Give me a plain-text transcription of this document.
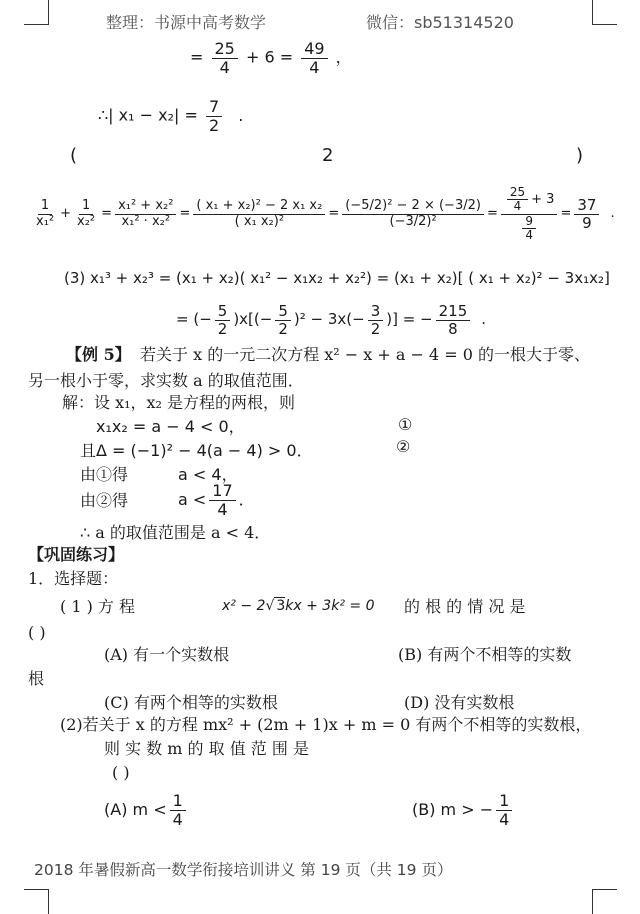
整理：书源中高考数学	微信：sb51314520
= $\frac{25}{4} + 6 = \frac{49}{4}$ ，
∴| $x_1 - x_2| = \frac{7}{2}$ .
(	2	)
$\frac{1}{\text{x₁²}} + \frac{1}{\text{x₂²}} = \frac{\text{x₁² + x₂²}}{\text{x₁² · x₂²}} = \frac{\text{( x₁ + x₂)² − 2 x₁ x₂}}{\text{( x₁ x₂)²}} = \frac{\text{(−5/2)² − 2 × (−3/2)}}{\text{(−3/2)²}} = \frac{\frac{25}{4} + 3}{\frac{9}{4}} = \frac{37}{9}$ .
(3) x₁³ + x₂³ = (x₁ + x₂)( x₁² − x₁x₂ + x₂²) = (x₁ + x₂)[ ( x₁ + x₂)² − 3x₁x₂]
= (− $\frac{5}{2} )x[(- \frac{5}{2} )^2 - 3x(- \frac{3}{2}$ )] = − $\frac{215}{8}$ .
【例 5】 若关于 x 的一元二次方程 x² − x + a − 4 = 0 的一根大于零、
另一根小于零，求实数 a 的取值范围．
解：设 x₁，x₂ 是方程的两根，则
x₁x₂ = a − 4 < 0，	①
且Δ = (−1)² − 4(a − 4) > 0．	②
由①得	a < 4，
由②得	$a < \frac{17}{4}$ ．
∴ a 的取值范围是 a < 4．
【巩固练习】
1．选择题：
( 1 ) 方 程	x² − 2√ 3kx + 3k² = 0 的 根 的 情 况 是
( )
(A) 有一个实数根	(B) 有两个不相等的实数
根
(C) 有两个相等的实数根	(D) 没有实数根
(2)若关于 x 的方程 mx² + (2m + 1)x + m = 0 有两个不相等的实数根，
则 实 数 m 的 取 值 范 围 是
( )
(A) $m < \frac{1}{4}$	(B) m > − $\frac{1}{4}$
2018 年暑假新高一数学衔接培训讲义 第 19 页（共 19 页）
